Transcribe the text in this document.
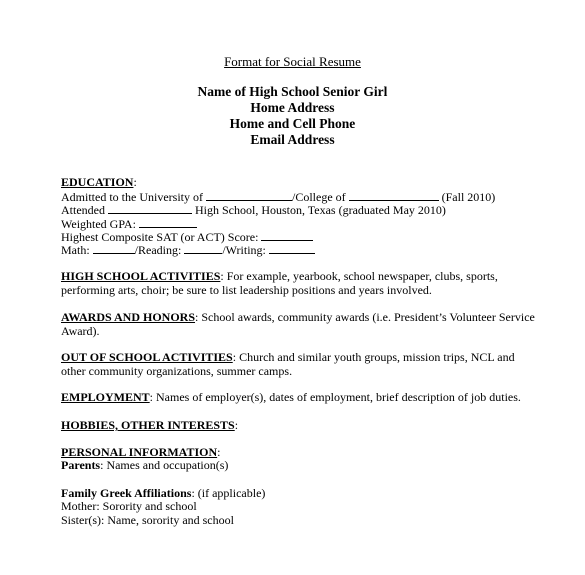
Format for Social Resume
Name of High School Senior Girl
Home Address
Home and Cell Phone
Email Address
EDUCATION:
Admitted to the University of	/College of	(Fall 2010)
Attended	High School, Houston, Texas (graduated May 2010)
Weighted GPA:
Highest Composite SAT (or ACT) Score:
Math:	/Reading:	/Writing:
HIGH SCHOOL ACTIVITIES: For example, yearbook, school newspaper, clubs, sports,
performing arts, choir; be sure to list leadership positions and years involved.
AWARDS AND HONORS: School awards, community awards (i.e. President’s Volunteer Service
Award).
OUT OF SCHOOL ACTIVITIES: Church and similar youth groups, mission trips, NCL and
other community organizations, summer camps.
EMPLOYMENT: Names of employer(s), dates of employment, brief description of job duties.
HOBBIES, OTHER INTERESTS:
PERSONAL INFORMATION:
Parents: Names and occupation(s)
Family Greek Affiliations: (if applicable)
Mother: Sorority and school
Sister(s): Name, sorority and school
